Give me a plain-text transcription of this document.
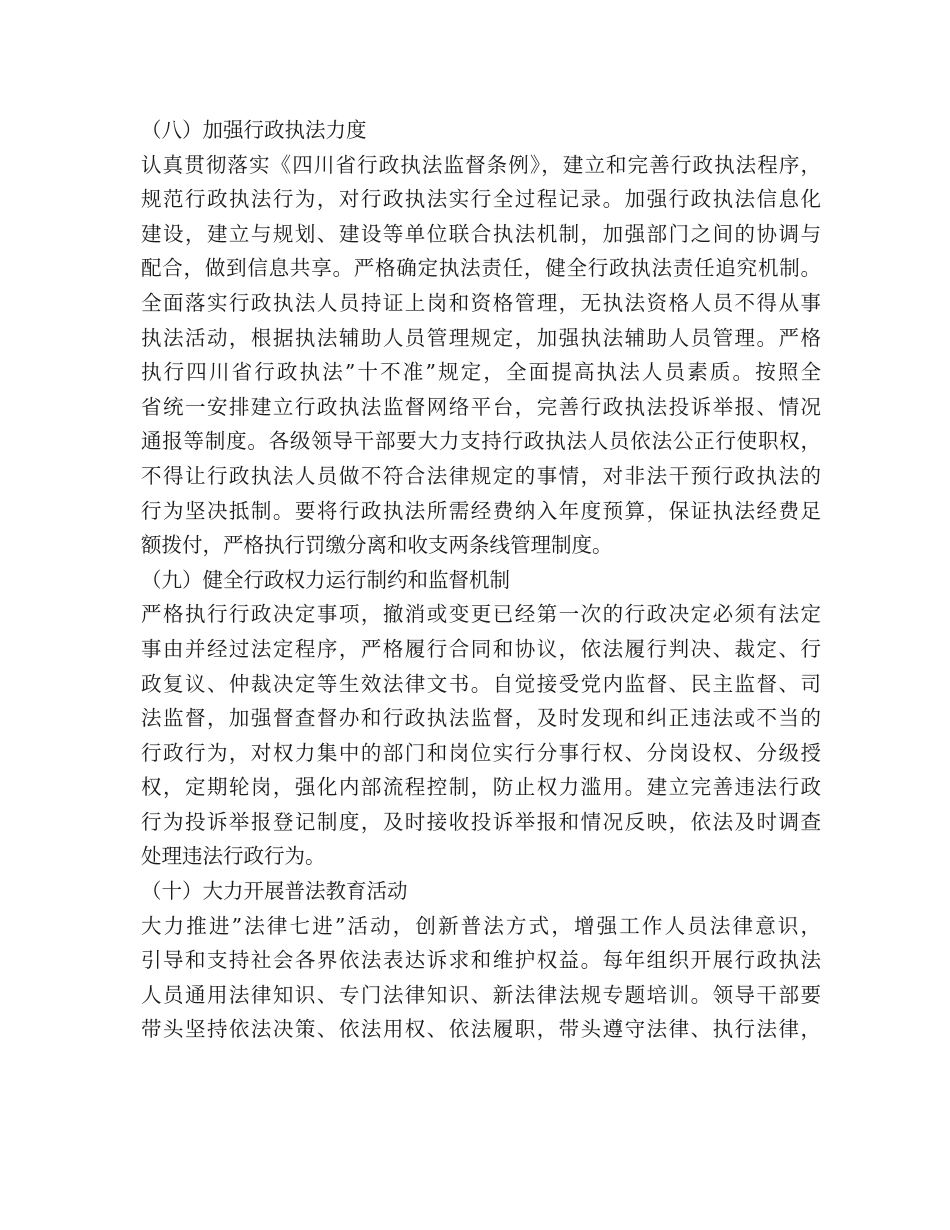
（八）加强行政执法力度
认真贯彻落实《四川省行政执法监督条例》，建立和完善行政执法程序，
规范行政执法行为，对行政执法实行全过程记录。加强行政执法信息化
建设，建立与规划、建设等单位联合执法机制，加强部门之间的协调与
配合，做到信息共享。严格确定执法责任，健全行政执法责任追究机制。
全面落实行政执法人员持证上岗和资格管理，无执法资格人员不得从事
执法活动，根据执法辅助人员管理规定，加强执法辅助人员管理。严格
执行四川省行政执法”十不准”规定，全面提高执法人员素质。按照全
省统一安排建立行政执法监督网络平台，完善行政执法投诉举报、情况
通报等制度。各级领导干部要大力支持行政执法人员依法公正行使职权，
不得让行政执法人员做不符合法律规定的事情，对非法干预行政执法的
行为坚决抵制。要将行政执法所需经费纳入年度预算，保证执法经费足
额拨付，严格执行罚缴分离和收支两条线管理制度。
（九）健全行政权力运行制约和监督机制
严格执行行政决定事项，撤消或变更已经第一次的行政决定必须有法定
事由并经过法定程序，严格履行合同和协议，依法履行判决、裁定、行
政复议、仲裁决定等生效法律文书。自觉接受党内监督、民主监督、司
法监督，加强督查督办和行政执法监督，及时发现和纠正违法或不当的
行政行为，对权力集中的部门和岗位实行分事行权、分岗设权、分级授
权，定期轮岗，强化内部流程控制，防止权力滥用。建立完善违法行政
行为投诉举报登记制度，及时接收投诉举报和情况反映，依法及时调查
处理违法行政行为。
（十）大力开展普法教育活动
大力推进”法律七进”活动，创新普法方式，增强工作人员法律意识，
引导和支持社会各界依法表达诉求和维护权益。每年组织开展行政执法
人员通用法律知识、专门法律知识、新法律法规专题培训。领导干部要
带头坚持依法决策、依法用权、依法履职，带头遵守法律、执行法律，
